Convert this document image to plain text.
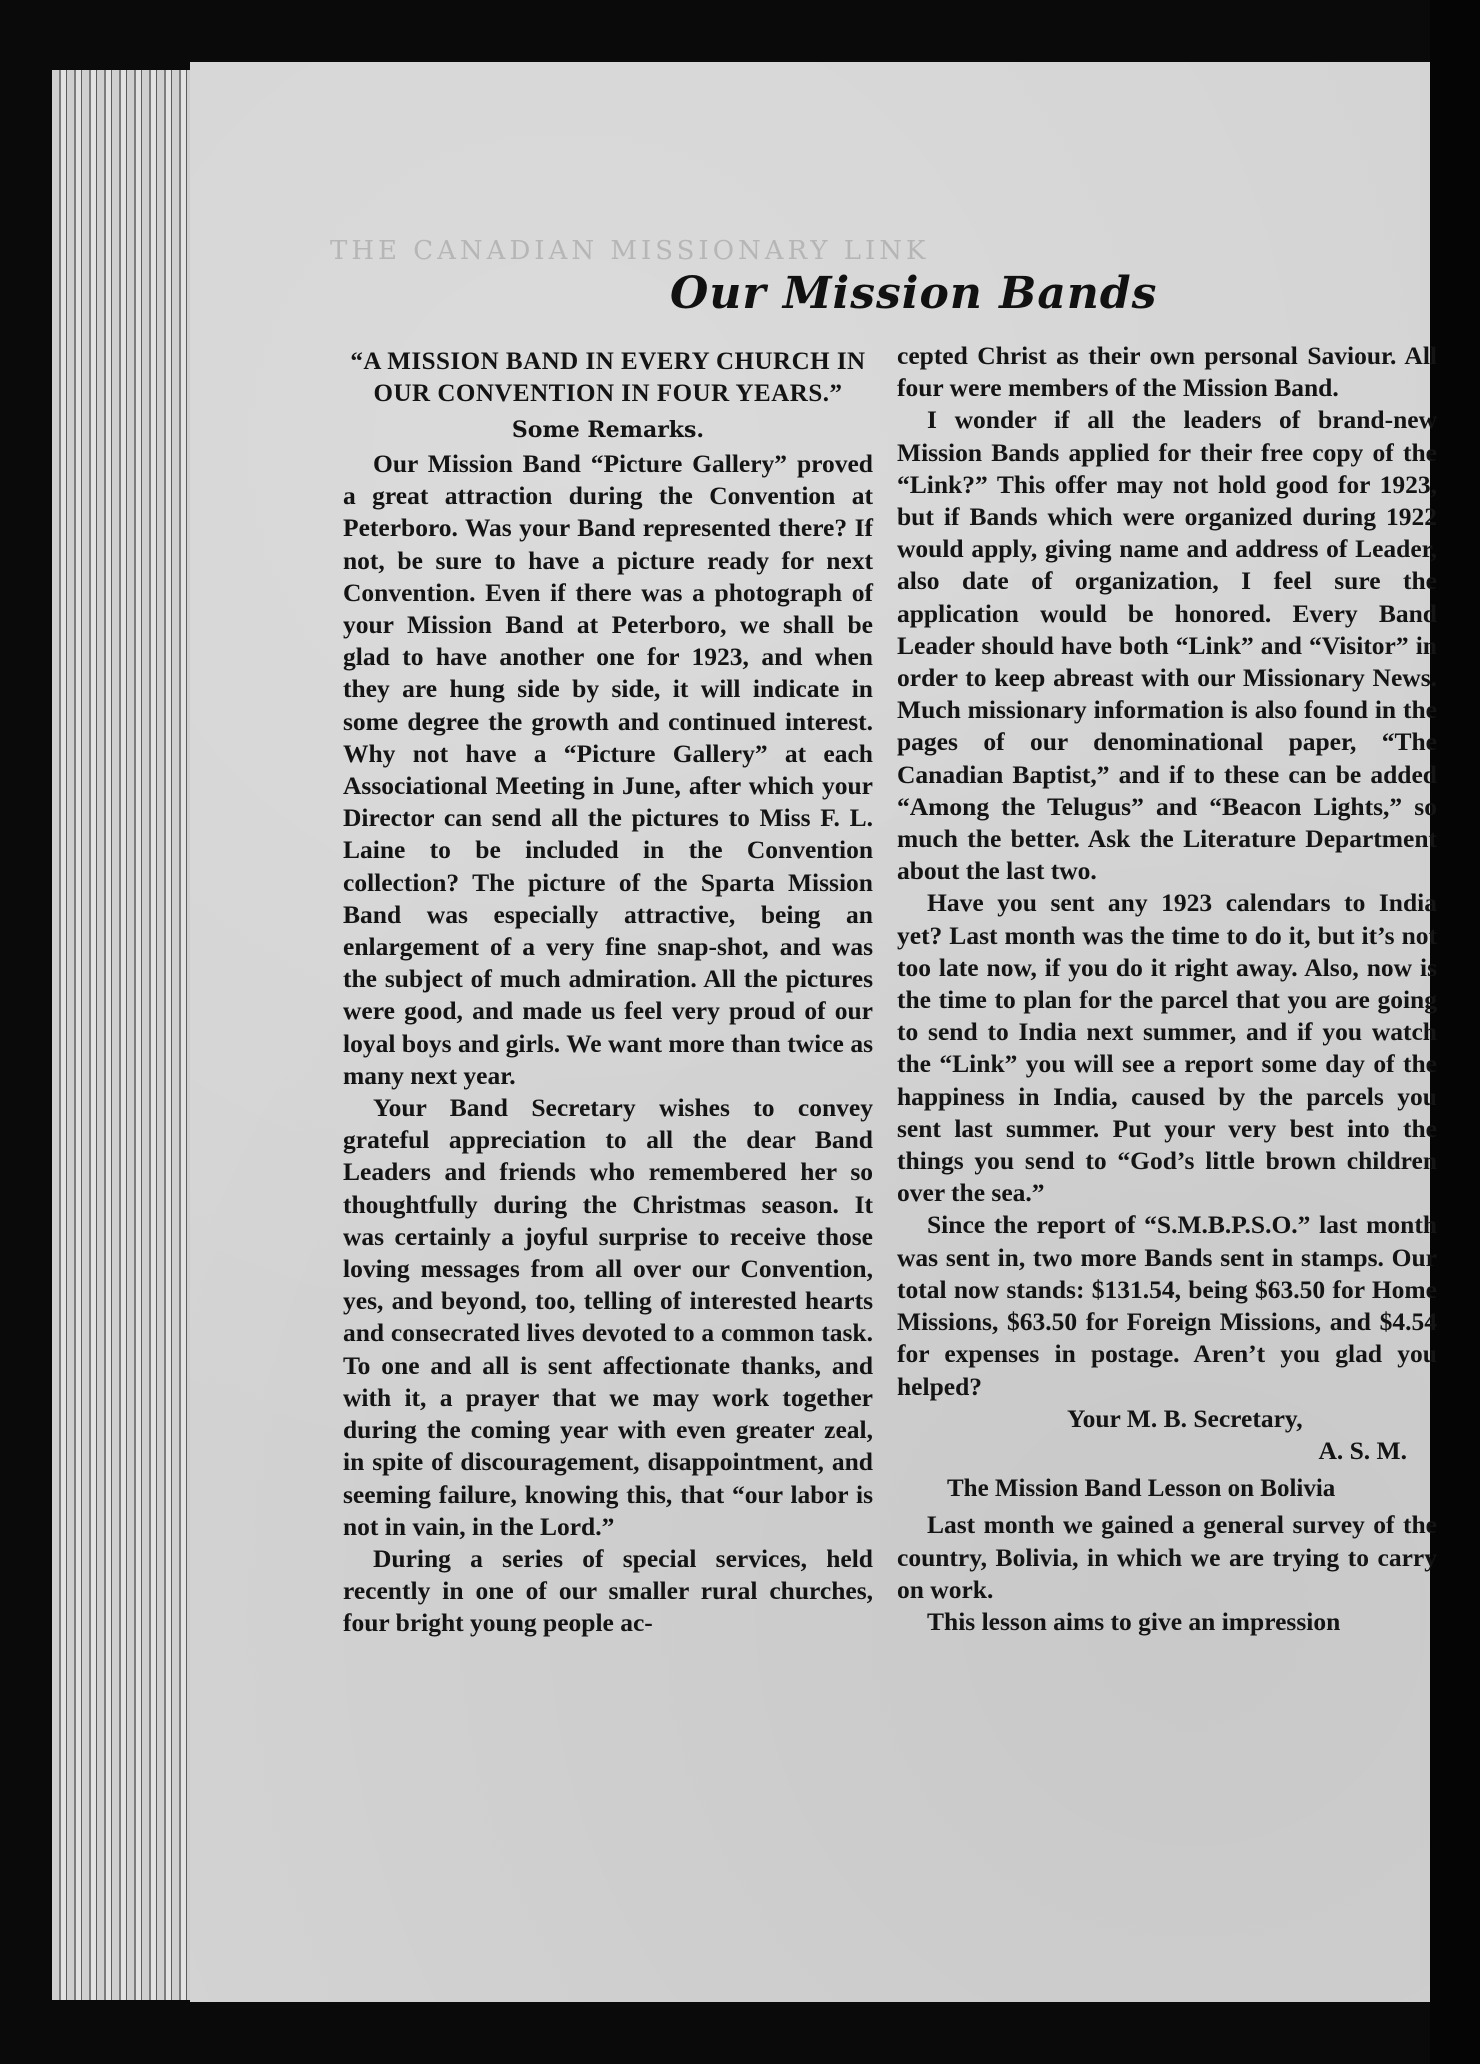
THE CANADIAN MISSIONARY LINK
Our Mission Bands

“A MISSION BAND IN EVERY CHURCH IN OUR CONVENTION IN FOUR YEARS.”

Some Remarks.

Our Mission Band “Picture Gallery” proved a great attraction during the Convention at Peterboro. Was your Band represented there? If not, be sure to have a picture ready for next Convention. Even if there was a photograph of your Mission Band at Peterboro, we shall be glad to have another one for 1923, and when they are hung side by side, it will indicate in some degree the growth and continued interest. Why not have a “Picture Gallery” at each Associational Meeting in June, after which your Director can send all the pictures to Miss F. L. Laine to be included in the Convention collection? The picture of the Sparta Mission Band was especially attractive, being an enlargement of a very fine snap-shot, and was the subject of much admiration. All the pictures were good, and made us feel very proud of our loyal boys and girls. We want more than twice as many next year.

Your Band Secretary wishes to convey grateful appreciation to all the dear Band Leaders and friends who remembered her so thoughtfully during the Christmas season. It was certainly a joyful surprise to receive those loving messages from all over our Convention, yes, and beyond, too, telling of interested hearts and consecrated lives devoted to a common task. To one and all is sent affectionate thanks, and with it, a prayer that we may work together during the coming year with even greater zeal, in spite of discouragement, disappointment, and seeming failure, knowing this, that “our labor is not in vain, in the Lord.”

During a series of special services, held recently in one of our smaller rural churches, four bright young people ac-

cepted Christ as their own personal Saviour. All four were members of the Mission Band.

I wonder if all the leaders of brand-new Mission Bands applied for their free copy of the “Link?” This offer may not hold good for 1923, but if Bands which were organized during 1922 would apply, giving name and address of Leader, also date of organization, I feel sure the application would be honored. Every Band Leader should have both “Link” and “Visitor” in order to keep abreast with our Missionary News. Much missionary information is also found in the pages of our denominational paper, “The Canadian Baptist,” and if to these can be added “Among the Telugus” and “Beacon Lights,” so much the better. Ask the Literature Department about the last two.

Have you sent any 1923 calendars to India yet? Last month was the time to do it, but it’s not too late now, if you do it right away. Also, now is the time to plan for the parcel that you are going to send to India next summer, and if you watch the “Link” you will see a report some day of the happiness in India, caused by the parcels you sent last summer. Put your very best into the things you send to “God’s little brown children over the sea.”

Since the report of “S.M.B.P.S.O.” last month was sent in, two more Bands sent in stamps. Our total now stands: $131.54, being $63.50 for Home Missions, $63.50 for Foreign Missions, and $4.54 for expenses in postage. Aren’t you glad you helped?

Your M. B. Secretary,

A. S. M.

The Mission Band Lesson on Bolivia

Last month we gained a general survey of the country, Bolivia, in which we are trying to carry on work.

This lesson aims to give an impression
